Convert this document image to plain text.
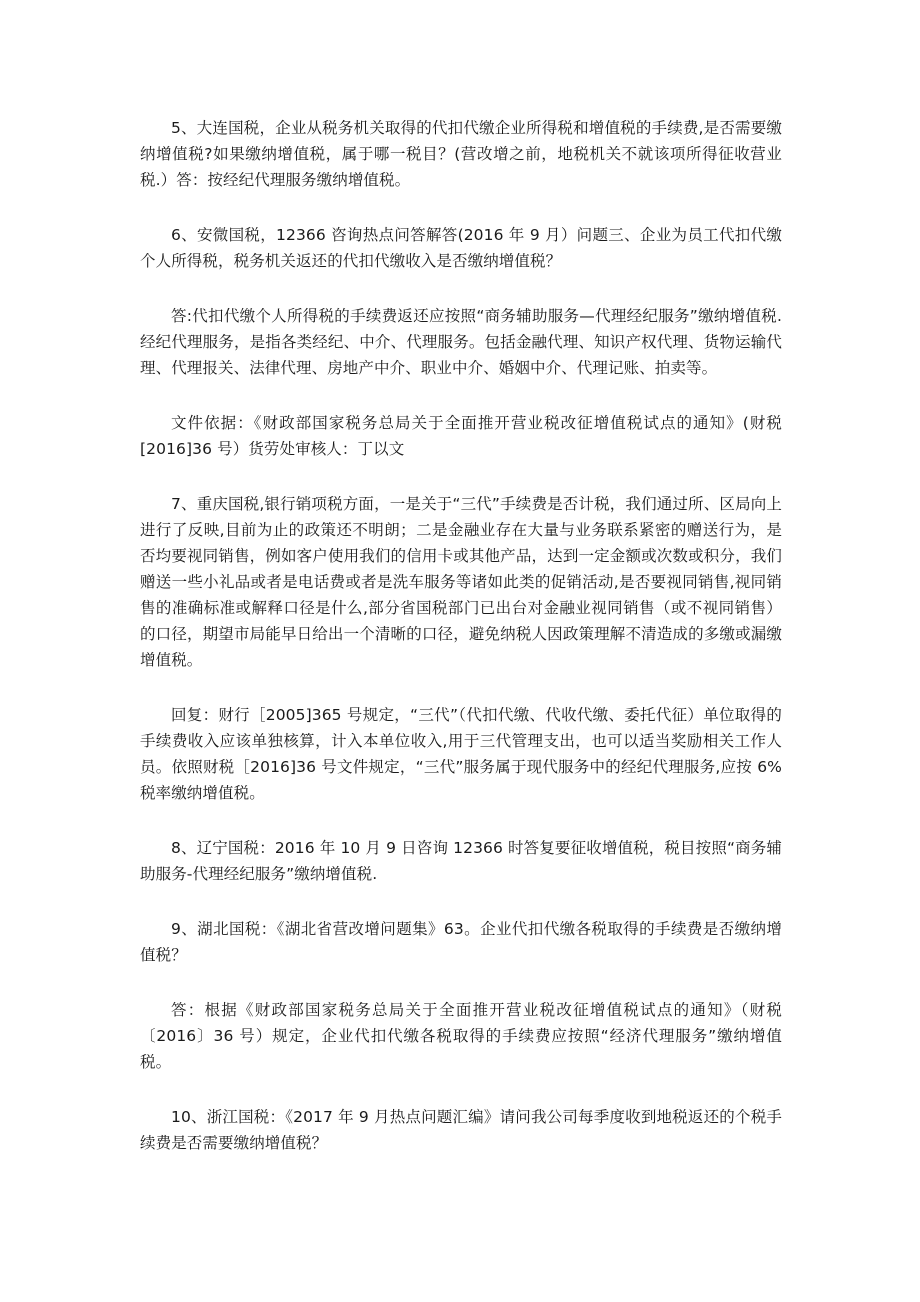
5、大连国税，企业从税务机关取得的代扣代缴企业所得税和增值税的手续费,是否需要缴纳增值税?如果缴纳增值税，属于哪一税目？(营改增之前，地税机关不就该项所得征收营业税.）答：按经纪代理服务缴纳增值税。

6、安微国税，12366 咨询热点问答解答(2016 年 9 月）问题三、企业为员工代扣代缴个人所得税，税务机关返还的代扣代缴收入是否缴纳增值税？

答:代扣代缴个人所得税的手续费返还应按照“商务辅助服务—代理经纪服务”缴纳增值税.经纪代理服务，是指各类经纪、中介、代理服务。包括金融代理、知识产权代理、货物运输代理、代理报关、法律代理、房地产中介、职业中介、婚姻中介、代理记账、拍卖等。

文件依据：《财政部国家税务总局关于全面推开营业税改征增值税试点的通知》(财税[2016]36 号）货劳处审核人：丁以文

7、重庆国税,银行销项税方面，一是关于“三代”手续费是否计税，我们通过所、区局向上进行了反映,目前为止的政策还不明朗；二是金融业存在大量与业务联系紧密的赠送行为，是否均要视同销售，例如客户使用我们的信用卡或其他产品，达到一定金额或次数或积分，我们赠送一些小礼品或者是电话费或者是洗车服务等诸如此类的促销活动,是否要视同销售,视同销售的准确标准或解释口径是什么,部分省国税部门已出台对金融业视同销售（或不视同销售）的口径，期望市局能早日给出一个清晰的口径，避免纳税人因政策理解不清造成的多缴或漏缴增值税。

回复：财行［2005]365 号规定，“三代”（代扣代缴、代收代缴、委托代征）单位取得的手续费收入应该单独核算，计入本单位收入,用于三代管理支出，也可以适当奖励相关工作人员。依照财税［2016]36 号文件规定，“三代”服务属于现代服务中的经纪代理服务,应按 6%税率缴纳增值税。

8、辽宁国税：2016 年 10 月 9 日咨询 12366 时答复要征收增值税，税目按照“商务辅助服务-代理经纪服务”缴纳增值税.

9、湖北国税：《湖北省营改增问题集》63。企业代扣代缴各税取得的手续费是否缴纳增值税？

答：根据《财政部国家税务总局关于全面推开营业税改征增值税试点的通知》（财税〔2016〕36 号）规定，企业代扣代缴各税取得的手续费应按照“经济代理服务”缴纳增值税。

10、浙江国税：《2017 年 9 月热点问题汇编》请问我公司每季度收到地税返还的个税手续费是否需要缴纳增值税？
